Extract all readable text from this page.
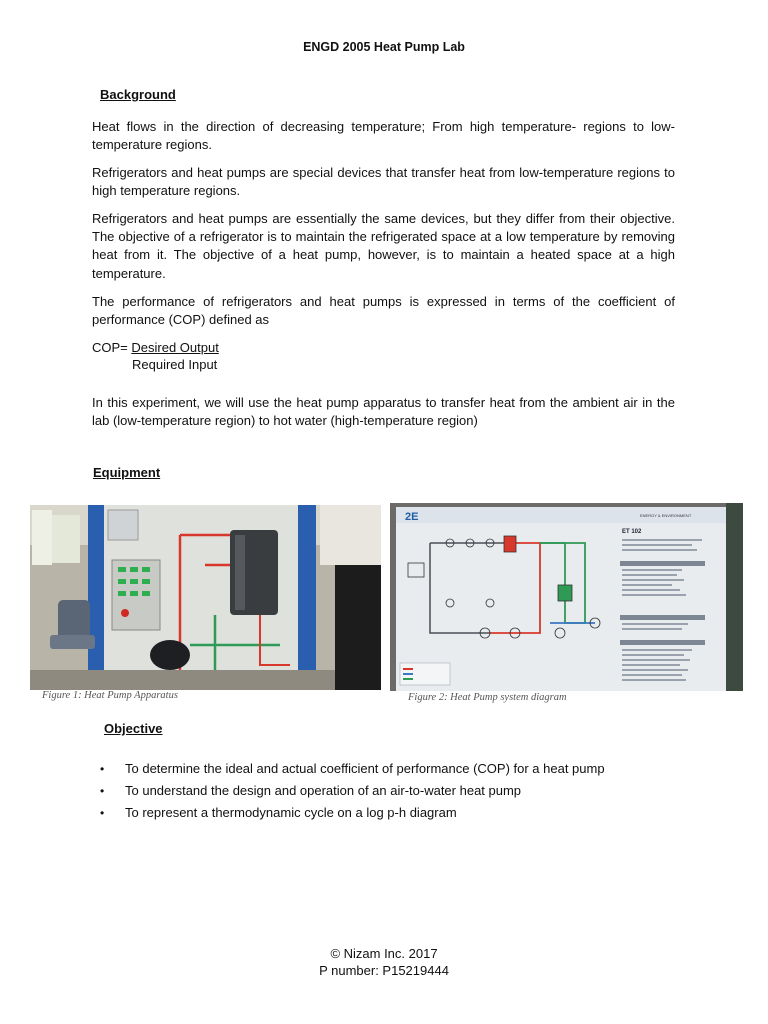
ENGD 2005 Heat Pump Lab
Background

Heat flows in the direction of decreasing temperature; From high temperature- regions to low-temperature regions.

Refrigerators and heat pumps are special devices that transfer heat from low-temperature regions to high temperature regions.

Refrigerators and heat pumps are essentially the same devices, but they differ from their objective. The objective of a refrigerator is to maintain the refrigerated space at a low temperature by removing heat from it. The objective of a heat pump, however, is to maintain a heated space at a high temperature.

The performance of refrigerators and heat pumps is expressed in terms of the coefficient of performance (COP) defined as

COP= Desired Output
Required Input

In this experiment, we will use the heat pump apparatus to transfer heat from the ambient air in the lab (low-temperature region) to hot water (high-temperature region)

Equipment
Figure 1: Heat Pump Apparatus
2E	ENERGY & ENVIRONMENT
ET 102
Figure 2: Heat Pump system diagram
Objective
• To determine the ideal and actual coefficient of performance (COP) for a heat pump
• To understand the design and operation of an air-to-water heat pump
• To represent a thermodynamic cycle on a log p-h diagram
© Nizam Inc. 2017
P number: P15219444
